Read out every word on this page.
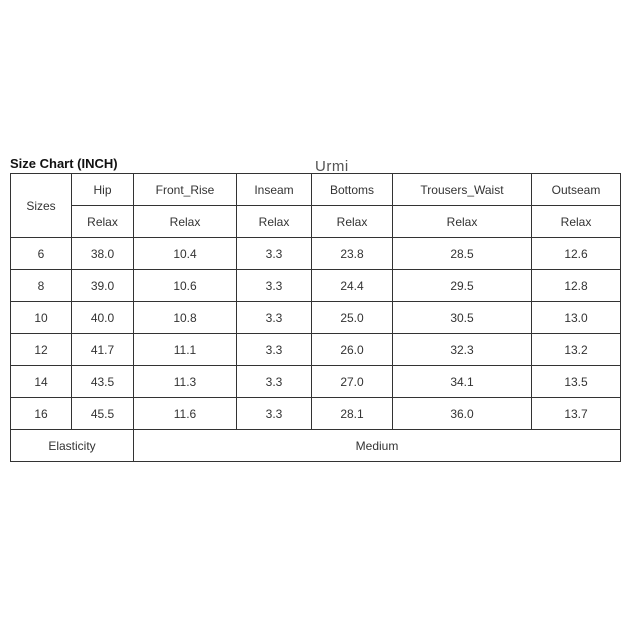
Size Chart (INCH)	Urmi
Sizes	Hip	Front_Rise	Inseam	Bottoms	Trousers_Waist	Outseam
	Relax	Relax	Relax	Relax	Relax	Relax
6	38.0	10.4	3.3	23.8	28.5	12.6
8	39.0	10.6	3.3	24.4	29.5	12.8
10	40.0	10.8	3.3	25.0	30.5	13.0
12	41.7	11.1	3.3	26.0	32.3	13.2
14	43.5	11.3	3.3	27.0	34.1	13.5
16	45.5	11.6	3.3	28.1	36.0	13.7
Elasticity		Medium				
